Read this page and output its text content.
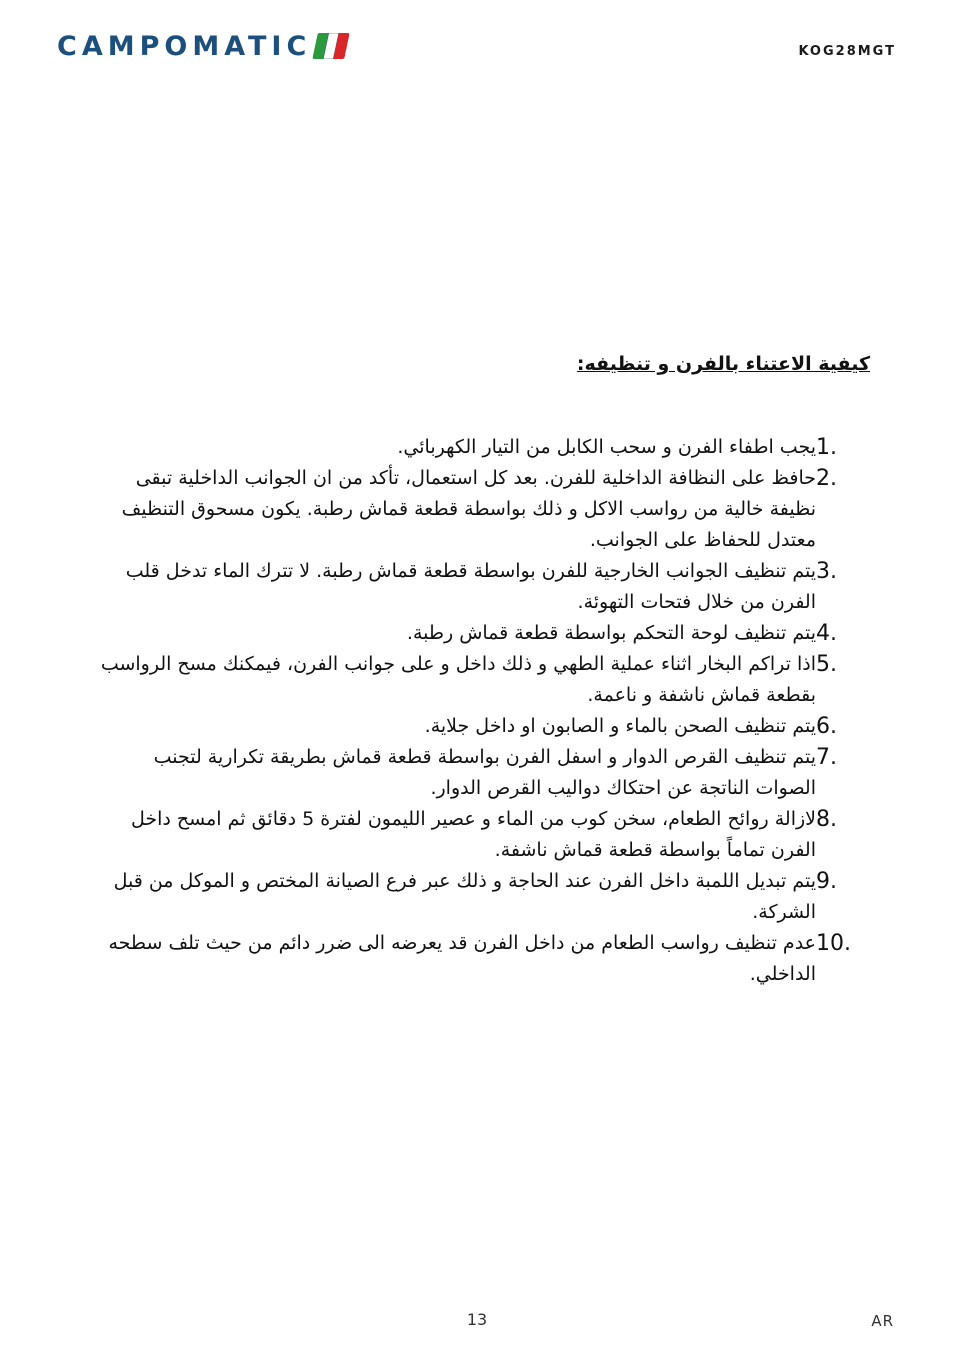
CAMPOMATIC	KOG28MGT
كيفية الاعتناء بالفرن و تنظيفه:
1.
يجب اطفاء الفرن و سحب الكابل من التيار الكهربائي.
2.
حافظ على النظافة الداخلية للفرن. بعد كل استعمال، تأكد من ان الجوانب الداخلية تبقى نظيفة خالية من رواسب الاكل و ذلك بواسطة قطعة قماش رطبة. يكون مسحوق التنظيف معتدل للحفاظ على الجوانب.
3.
يتم تنظيف الجوانب الخارجية للفرن بواسطة قطعة قماش رطبة. لا تترك الماء تدخل قلب الفرن من خلال فتحات التهوئة.
4.
يتم تنظيف لوحة التحكم بواسطة قطعة قماش رطبة.
5.
اذا تراكم البخار اثناء عملية الطهي و ذلك داخل و على جوانب الفرن، فيمكنك مسح الرواسب بقطعة قماش ناشفة و ناعمة.
6.
يتم تنظيف الصحن بالماء و الصابون او داخل جلاية.
7.
يتم تنظيف القرص الدوار و اسفل الفرن بواسطة قطعة قماش بطريقة تكرارية لتجنب الصوات الناتجة عن احتكاك دواليب القرص الدوار.
8.
لازالة روائح الطعام، سخن كوب من الماء و عصير الليمون لفترة 5 دقائق ثم امسح داخل الفرن تماماً بواسطة قطعة قماش ناشفة.
9.
يتم تبديل اللمبة داخل الفرن عند الحاجة و ذلك عبر فرع الصيانة المختص و الموكل من قبل الشركة.
10.
عدم تنظيف رواسب الطعام من داخل الفرن قد يعرضه الى ضرر دائم من حيث تلف سطحه الداخلي.
13	AR
